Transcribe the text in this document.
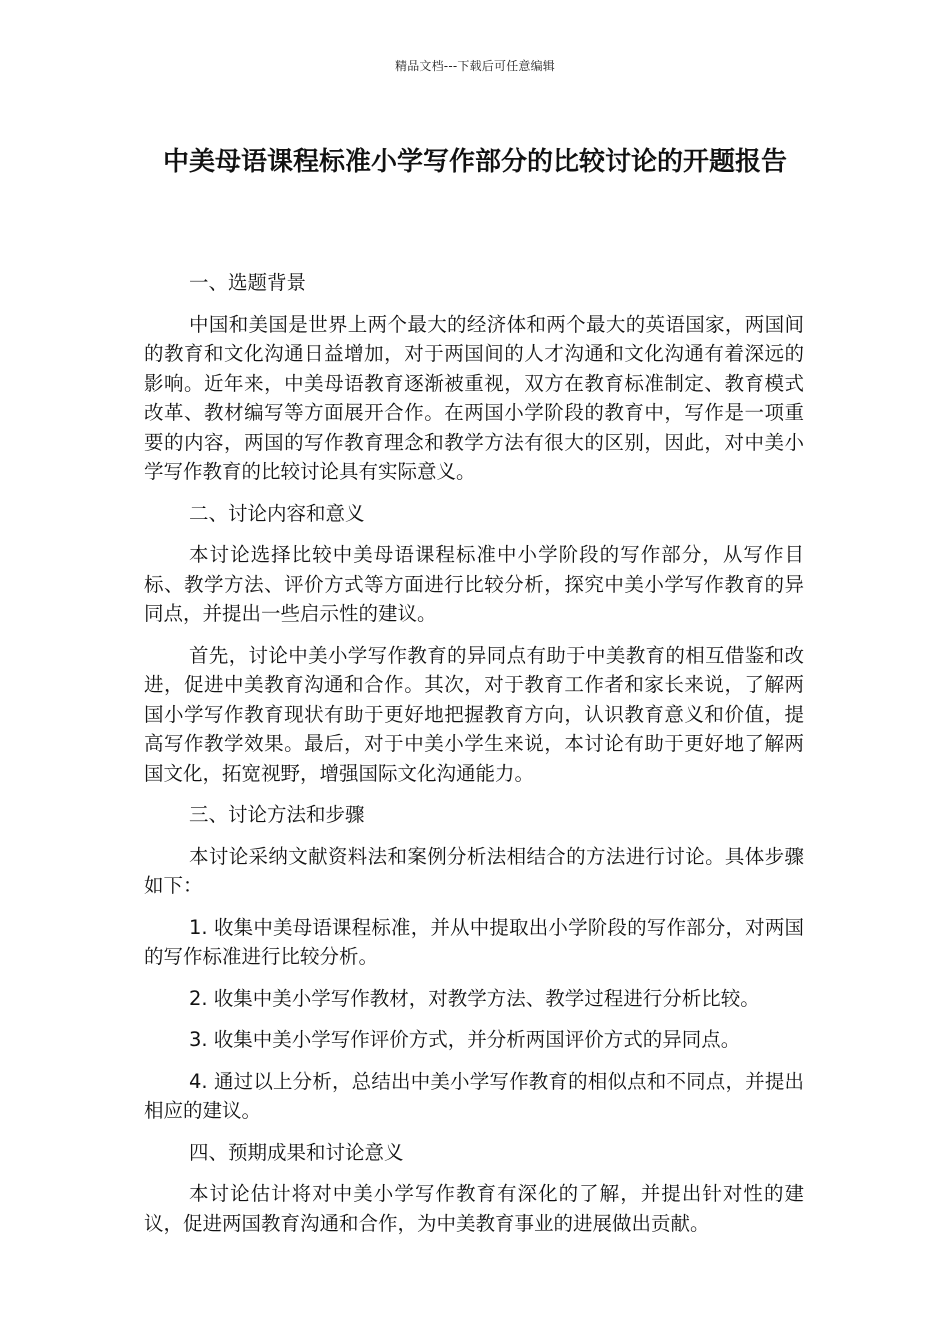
精品文档---下载后可任意编辑
中美母语课程标准小学写作部分的比较讨论的开题报告

一、选题背景

中国和美国是世界上两个最大的经济体和两个最大的英语国家，两国间的教育和文化沟通日益增加，对于两国间的人才沟通和文化沟通有着深远的影响。近年来，中美母语教育逐渐被重视，双方在教育标准制定、教育模式改革、教材编写等方面展开合作。在两国小学阶段的教育中，写作是一项重要的内容，两国的写作教育理念和教学方法有很大的区别，因此，对中美小学写作教育的比较讨论具有实际意义。

二、讨论内容和意义

本讨论选择比较中美母语课程标准中小学阶段的写作部分，从写作目标、教学方法、评价方式等方面进行比较分析，探究中美小学写作教育的异同点，并提出一些启示性的建议。

首先，讨论中美小学写作教育的异同点有助于中美教育的相互借鉴和改进，促进中美教育沟通和合作。其次，对于教育工作者和家长来说，了解两国小学写作教育现状有助于更好地把握教育方向，认识教育意义和价值，提高写作教学效果。最后，对于中美小学生来说，本讨论有助于更好地了解两国文化，拓宽视野，增强国际文化沟通能力。

三、讨论方法和步骤

本讨论采纳文献资料法和案例分析法相结合的方法进行讨论。具体步骤如下：

1. 收集中美母语课程标准，并从中提取出小学阶段的写作部分，对两国的写作标准进行比较分析。

2. 收集中美小学写作教材，对教学方法、教学过程进行分析比较。

3. 收集中美小学写作评价方式，并分析两国评价方式的异同点。

4. 通过以上分析，总结出中美小学写作教育的相似点和不同点，并提出相应的建议。

四、预期成果和讨论意义

本讨论估计将对中美小学写作教育有深化的了解，并提出针对性的建议，促进两国教育沟通和合作，为中美教育事业的进展做出贡献。
